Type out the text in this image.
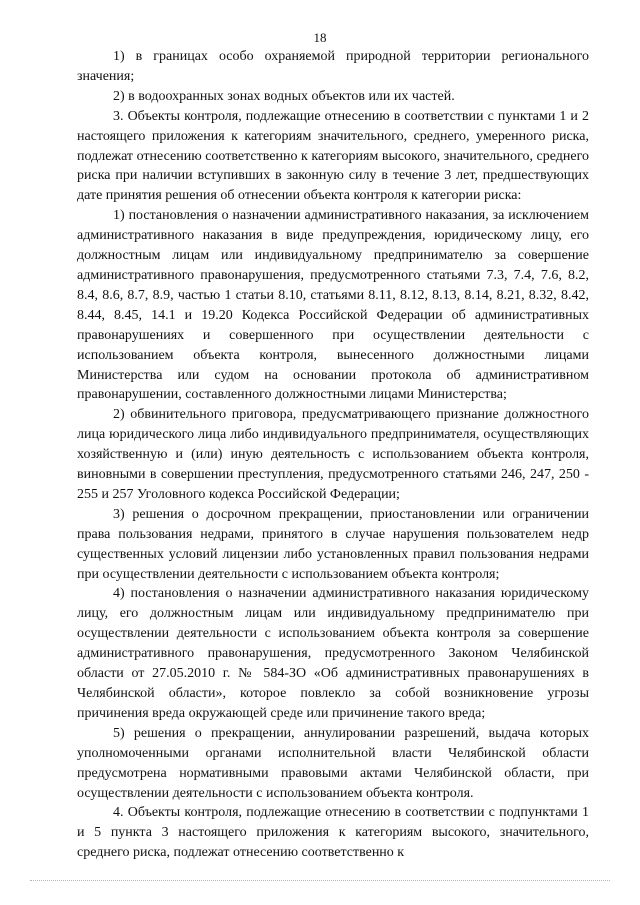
18

1) в границах особо охраняемой природной территории регионального значения;

2) в водоохранных зонах водных объектов или их частей.

3. Объекты контроля, подлежащие отнесению в соответствии с пунктами 1 и 2 настоящего приложения к категориям значительного, среднего, умеренного риска, подлежат отнесению соответственно к категориям высокого, значительного, среднего риска при наличии вступивших в законную силу в течение 3 лет, предшествующих дате принятия решения об отнесении объекта контроля к категории риска:

1) постановления о назначении административного наказания, за исключением административного наказания в виде предупреждения, юридическому лицу, его должностным лицам или индивидуальному предпринимателю за совершение административного правонарушения, предусмотренного статьями 7.3, 7.4, 7.6, 8.2, 8.4, 8.6, 8.7, 8.9, частью 1 статьи 8.10, статьями 8.11, 8.12, 8.13, 8.14, 8.21, 8.32, 8.42, 8.44, 8.45, 14.1 и 19.20 Кодекса Российской Федерации об административных правонарушениях и совершенного при осуществлении деятельности с использованием объекта контроля, вынесенного должностными лицами Министерства или судом на основании протокола об административном правонарушении, составленного должностными лицами Министерства;

2) обвинительного приговора, предусматривающего признание должностного лица юридического лица либо индивидуального предпринимателя, осуществляющих хозяйственную и (или) иную деятельность с использованием объекта контроля, виновными в совершении преступления, предусмотренного статьями 246, 247, 250 - 255 и 257 Уголовного кодекса Российской Федерации;

3) решения о досрочном прекращении, приостановлении или ограничении права пользования недрами, принятого в случае нарушения пользователем недр существенных условий лицензии либо установленных правил пользования недрами при осуществлении деятельности с использованием объекта контроля;

4) постановления о назначении административного наказания юридическому лицу, его должностным лицам или индивидуальному предпринимателю при осуществлении деятельности с использованием объекта контроля за совершение административного правонарушения, предусмотренного Законом Челябинской области от 27.05.2010 г. № 584-ЗО «Об административных правонарушениях в Челябинской области», которое повлекло за собой возникновение угрозы причинения вреда окружающей среде или причинение такого вреда;

5) решения о прекращении, аннулировании разрешений, выдача которых уполномоченными органами исполнительной власти Челябинской области предусмотрена нормативными правовыми актами Челябинской области, при осуществлении деятельности с использованием объекта контроля.

4. Объекты контроля, подлежащие отнесению в соответствии с подпунктами 1 и 5 пункта 3 настоящего приложения к категориям высокого, значительного, среднего риска, подлежат отнесению соответственно к
